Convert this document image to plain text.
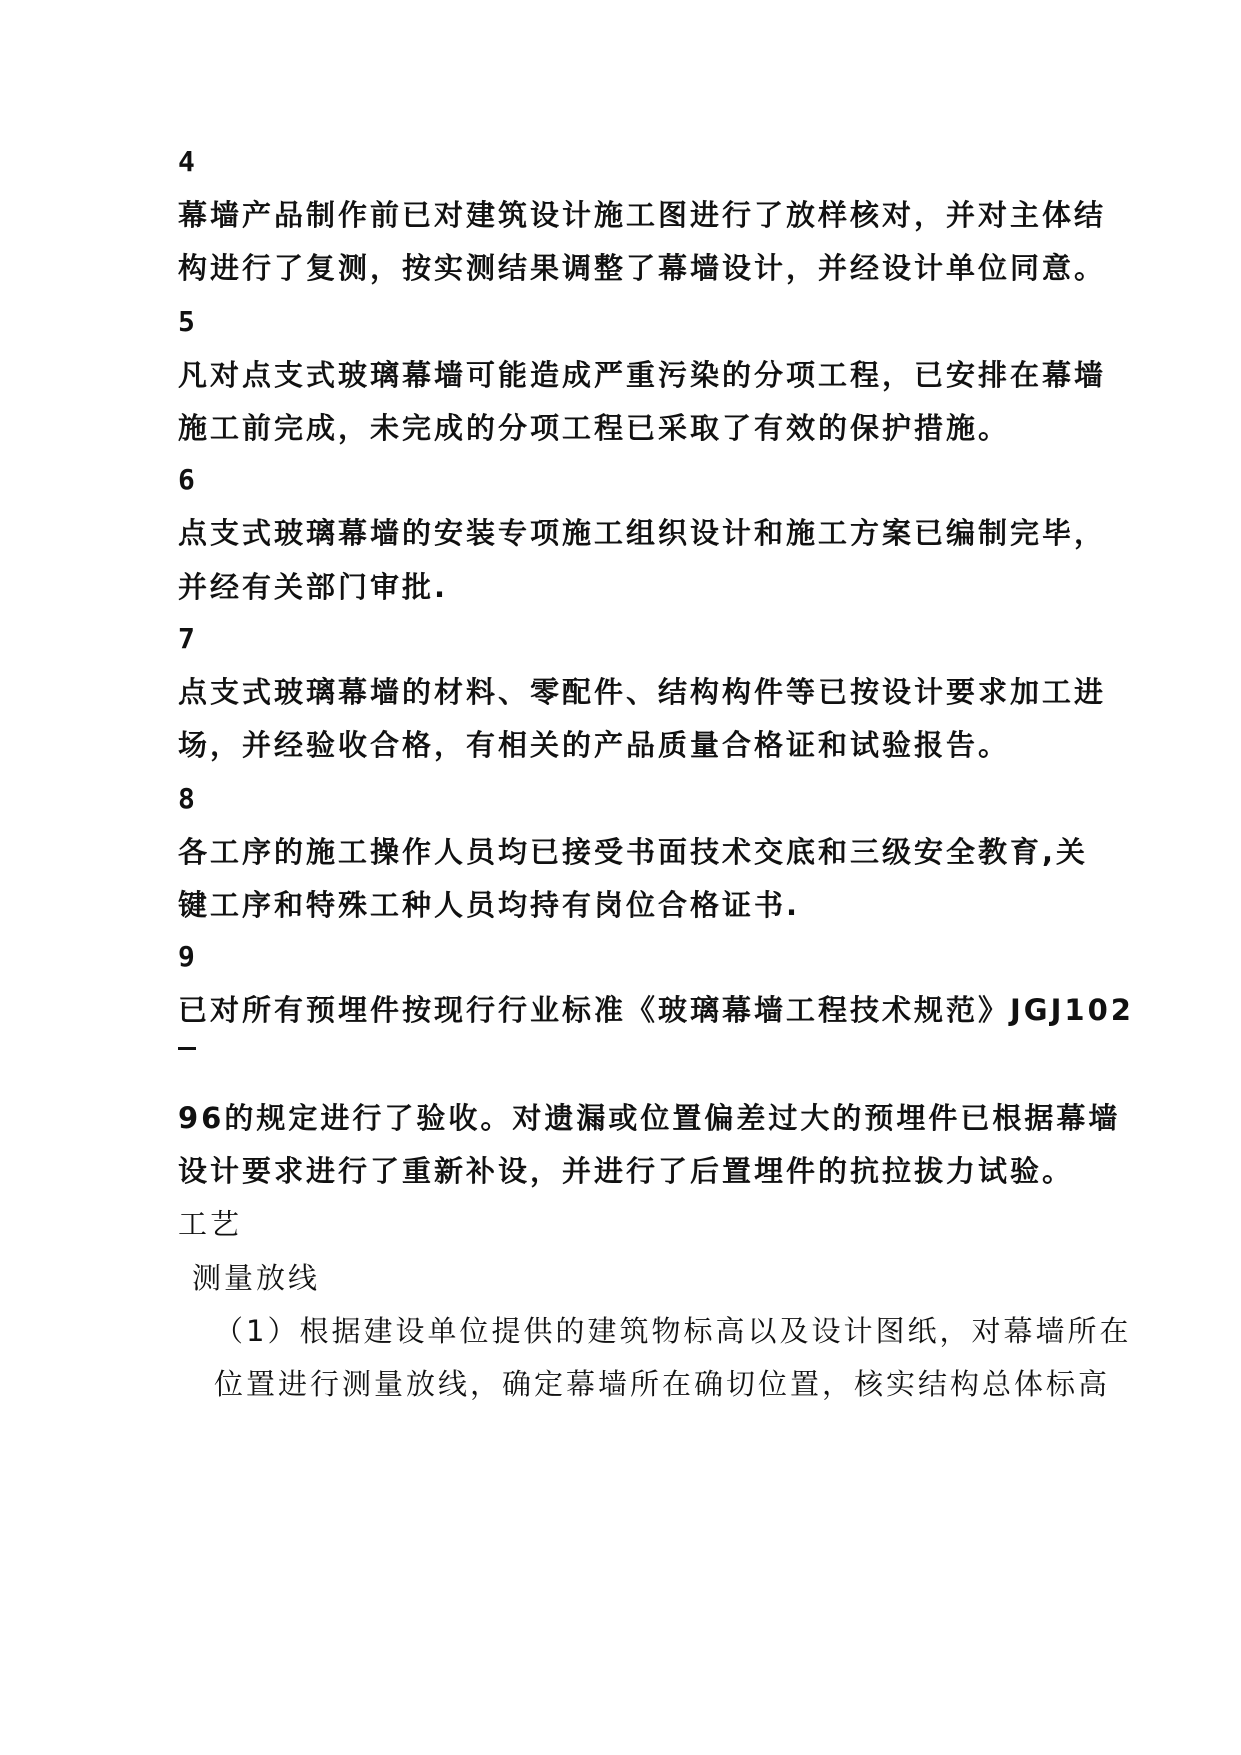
4
幕墙产品制作前已对建筑设计施工图进行了放样核对，并对主体结
构进行了复测，按实测结果调整了幕墙设计，并经设计单位同意。
5
凡对点支式玻璃幕墙可能造成严重污染的分项工程，已安排在幕墙
施工前完成，未完成的分项工程已采取了有效的保护措施。
6
点支式玻璃幕墙的安装专项施工组织设计和施工方案已编制完毕，
并经有关部门审批.
7
点支式玻璃幕墙的材料、零配件、结构构件等已按设计要求加工进
场，并经验收合格，有相关的产品质量合格证和试验报告。
8
各工序的施工操作人员均已接受书面技术交底和三级安全教育,关
键工序和特殊工种人员均持有岗位合格证书.
9
已对所有预埋件按现行行业标准《玻璃幕墙工程技术规范》JGJ102
96的规定进行了验收。对遗漏或位置偏差过大的预埋件已根据幕墙
设计要求进行了重新补设，并进行了后置埋件的抗拉拔力试验。
工艺
测量放线
（1）根据建设单位提供的建筑物标高以及设计图纸，对幕墙所在
位置进行测量放线，确定幕墙所在确切位置，核实结构总体标高
